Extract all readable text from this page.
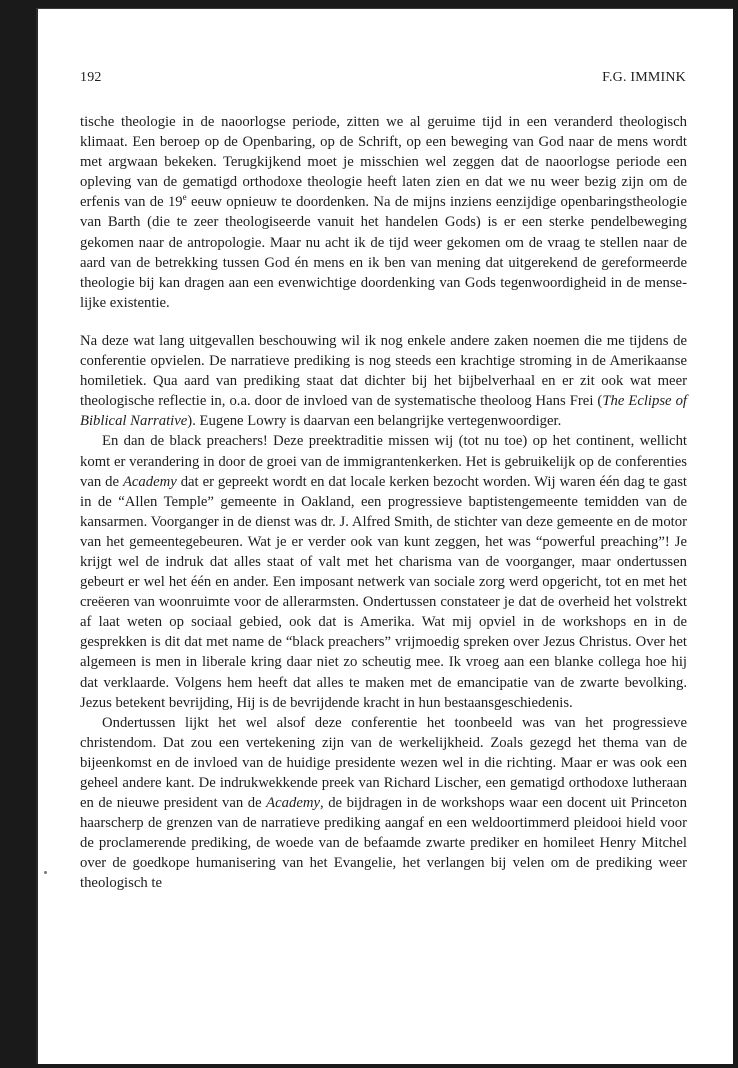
192	F.G. IMMINK

tische theologie in de naoorlogse periode, zitten we al geruime tijd in een veranderd theologisch klimaat. Een beroep op de Openbaring, op de Schrift, op een beweging van God naar de mens wordt met argwaan bekeken. Terugkijkend moet je misschien wel zeggen dat de naoorlogse periode een opleving van de gematigd orthodoxe theologie heeft laten zien en dat we nu weer bezig zijn om de erfenis van de 19e eeuw opnieuw te doordenken. Na de mijns inziens eenzijdige openbaringstheologie van Barth (die te zeer theologiseerde vanuit het handelen Gods) is er een sterke pendelbeweging gekomen naar de antropologie. Maar nu acht ik de tijd weer gekomen om de vraag te stellen naar de aard van de betrekking tussen God én mens en ik ben van mening dat uitgerekend de gereformeerde theologie bij kan dragen aan een evenwichtige doordenking van Gods tegenwoordigheid in de menselijke existentie.

Na deze wat lang uitgevallen beschouwing wil ik nog enkele andere zaken noemen die me tijdens de conferentie opvielen. De narratieve prediking is nog steeds een krachtige stroming in de Amerikaanse homiletiek. Qua aard van prediking staat dat dichter bij het bijbelverhaal en er zit ook wat meer theologische reflectie in, o.a. door de invloed van de systematische theoloog Hans Frei (The Eclipse of Biblical Narrative). Eugene Lowry is daarvan een belangrijke vertegenwoordiger.

En dan de black preachers! Deze preektraditie missen wij (tot nu toe) op het continent, wellicht komt er verandering in door de groei van de immigrantenkerken. Het is gebruikelijk op de conferenties van de Academy dat er gepreekt wordt en dat locale kerken bezocht worden. Wij waren één dag te gast in de “Allen Temple” gemeente in Oakland, een progressieve baptistengemeente temidden van de kansarmen. Voorganger in de dienst was dr. J. Alfred Smith, de stichter van deze gemeente en de motor van het gemeentegebeuren. Wat je er verder ook van kunt zeggen, het was “powerful preaching”! Je krijgt wel de indruk dat alles staat of valt met het charisma van de voorganger, maar ondertussen gebeurt er wel het één en ander. Een imposant netwerk van sociale zorg werd opgericht, tot en met het creëeren van woonruimte voor de allerarmsten. Ondertussen constateer je dat de overheid het volstrekt af laat weten op sociaal gebied, ook dat is Amerika. Wat mij opviel in de workshops en in de gesprekken is dit dat met name de “black preachers” vrijmoedig spreken over Jezus Christus. Over het algemeen is men in liberale kring daar niet zo scheutig mee. Ik vroeg aan een blanke collega hoe hij dat verklaarde. Volgens hem heeft dat alles te maken met de emancipatie van de zwarte bevolking. Jezus betekent bevrijding, Hij is de bevrijdende kracht in hun bestaansgeschiedenis.

Ondertussen lijkt het wel alsof deze conferentie het toonbeeld was van het progressieve christendom. Dat zou een vertekening zijn van de werkelijkheid. Zoals gezegd het thema van de bijeenkomst en de invloed van de huidige presidente wezen wel in die richting. Maar er was ook een geheel andere kant. De indrukwekkende preek van Richard Lischer, een gematigd orthodoxe lutheraan en de nieuwe president van de Academy, de bijdragen in de workshops waar een docent uit Princeton haarscherp de grenzen van de narratieve prediking aangaf en een weldoortimmerd pleidooi hield voor de proclamerende prediking, de woede van de befaamde zwarte prediker en homileet Henry Mitchel over de goedkope humanisering van het Evangelie, het verlangen bij velen om de prediking weer theologisch te
